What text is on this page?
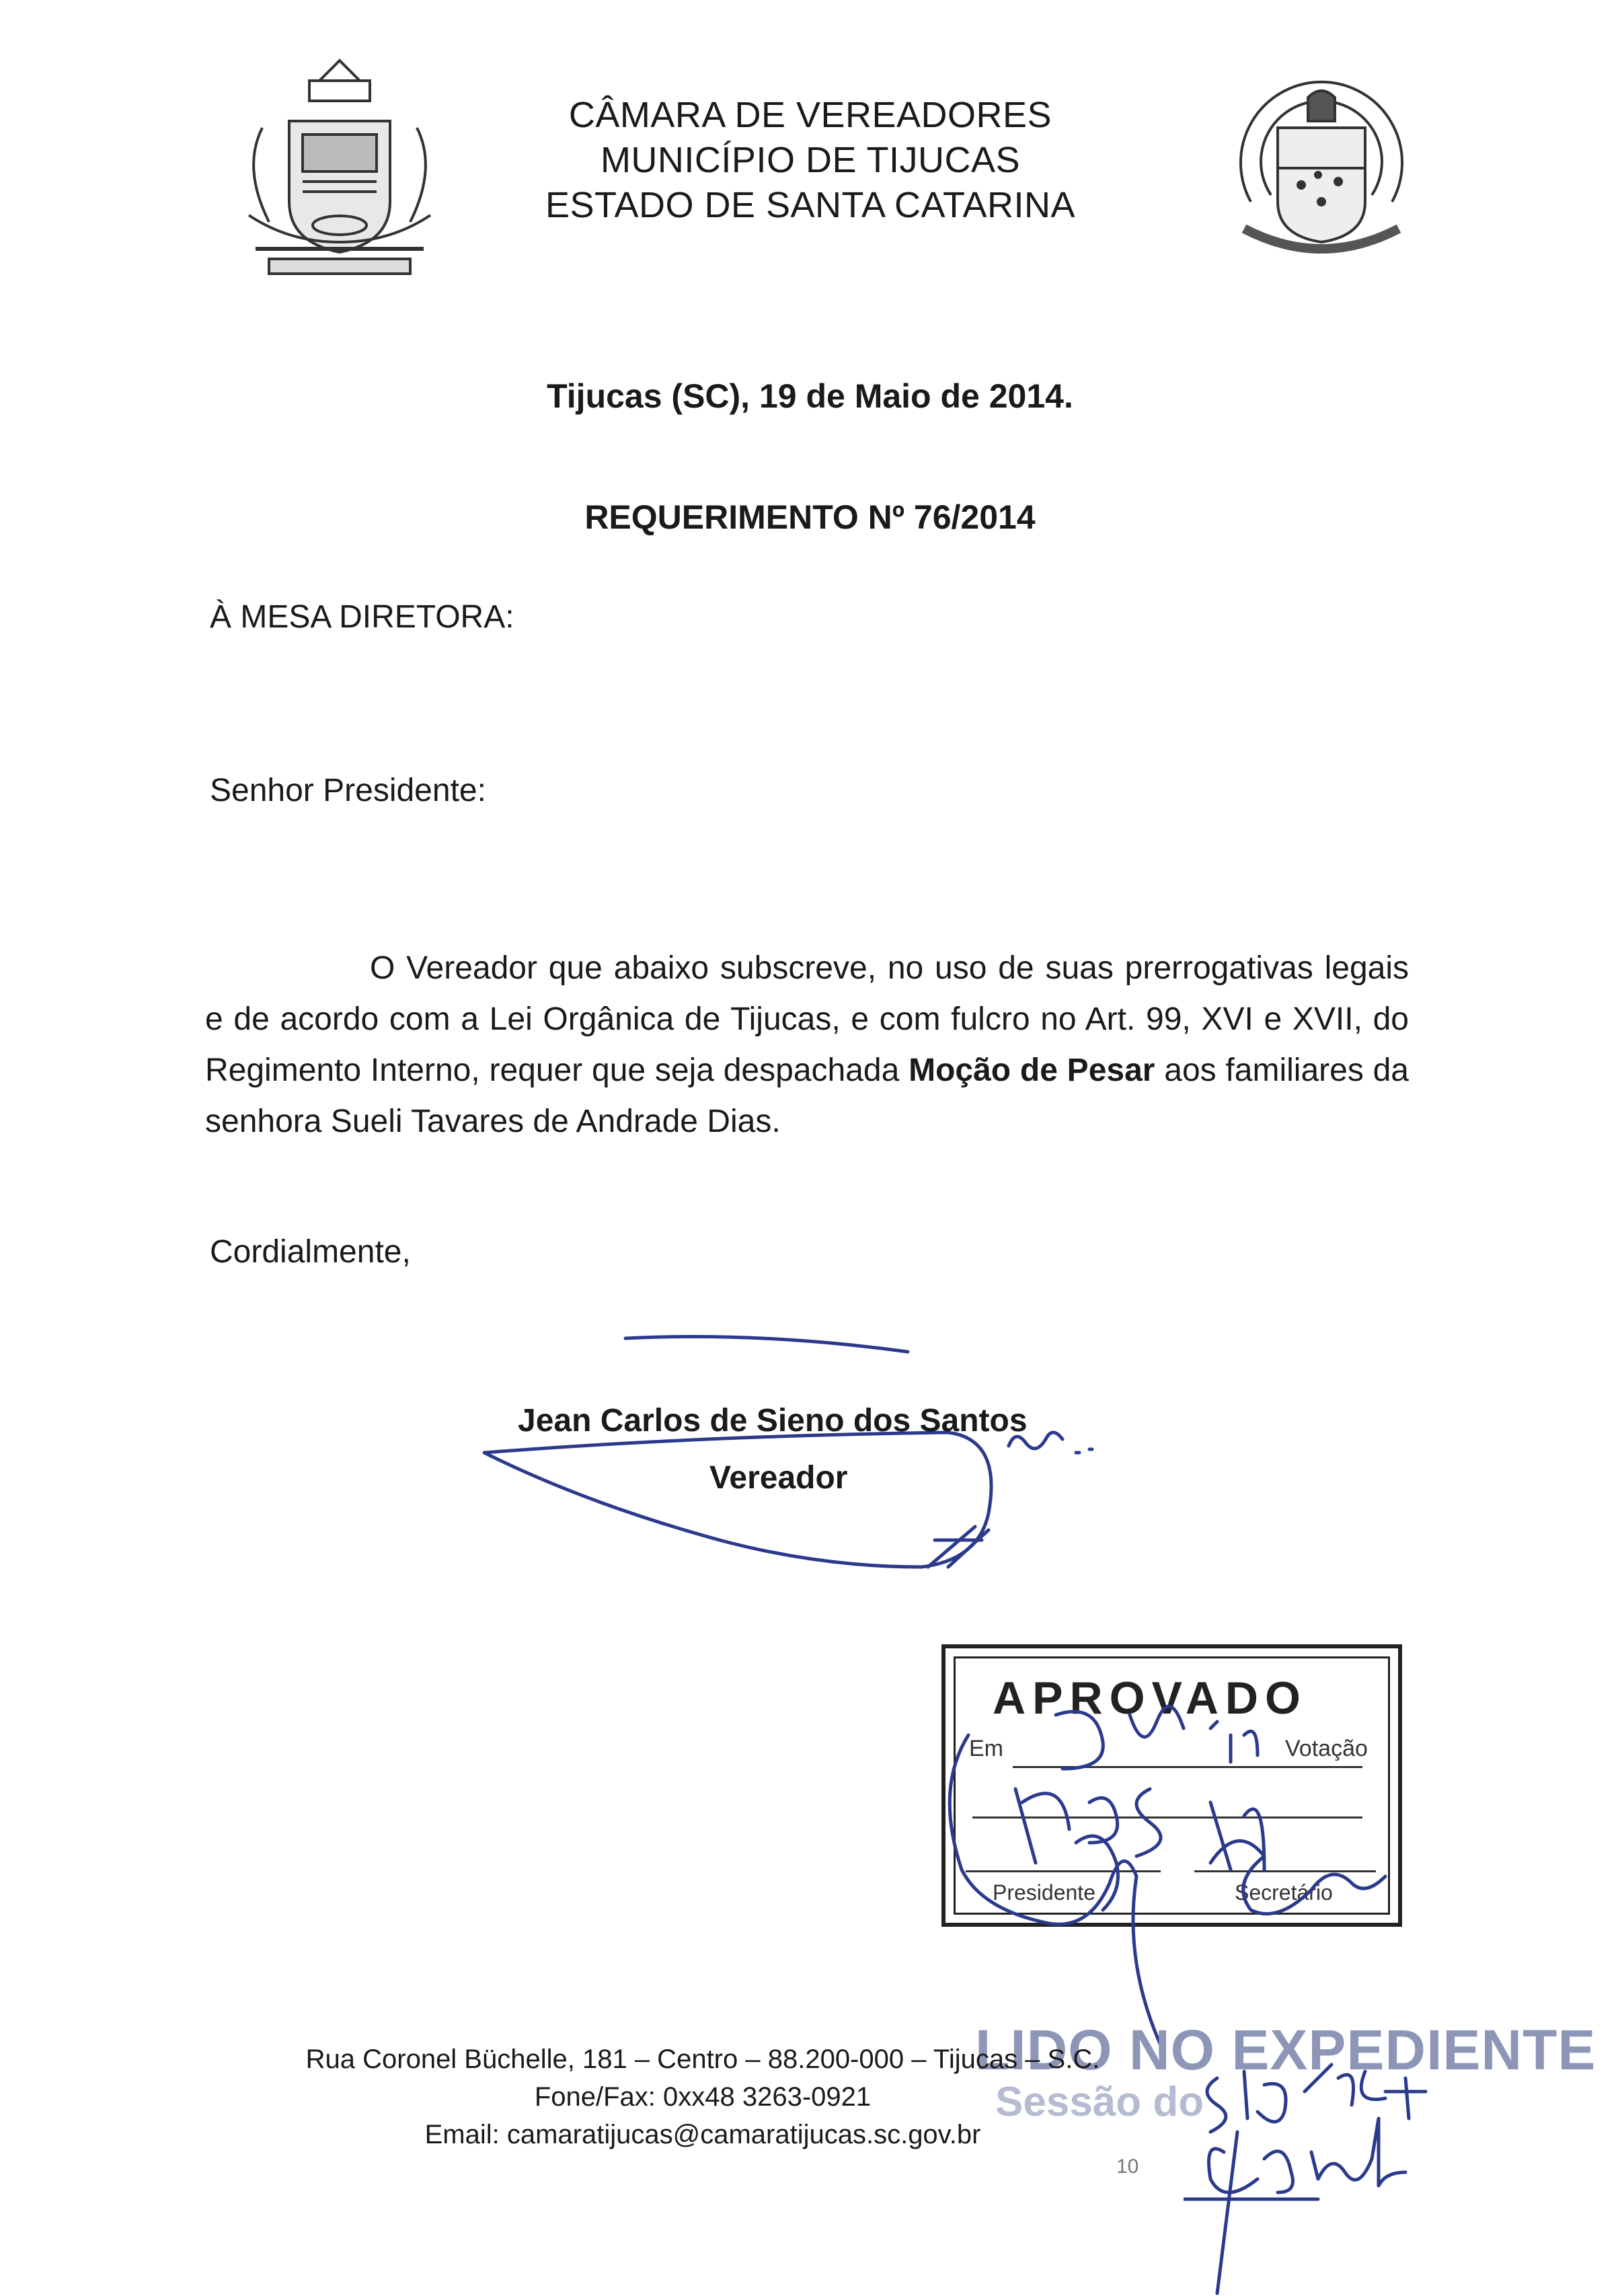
CÂMARA DE VEREADORES
MUNICÍPIO DE TIJUCAS
ESTADO DE SANTA CATARINA
Tijucas (SC), 19 de Maio de 2014.
REQUERIMENTO Nº 76/2014
À MESA DIRETORA:
Senhor Presidente:
O Vereador que abaixo subscreve, no uso de suas prerrogativas legais e de acordo com a Lei Orgânica de Tijucas, e com fulcro no Art. 99, XVI e XVII, do Regimento Interno, requer que seja despachada Moção de Pesar aos familiares da senhora Sueli Tavares de Andrade Dias.
Cordialmente,
Jean Carlos de Sieno dos Santos
Vereador
APROVADO
Em	Votação
Presidente	Secretário
LIDO NO EXPEDIENTE
Sessão do
Rua Coronel Büchelle, 181 – Centro – 88.200-000 – Tijucas – S.C.
Fone/Fax: 0xx48 3263-0921
Email: camaratijucas@camaratijucas.sc.gov.br
10
